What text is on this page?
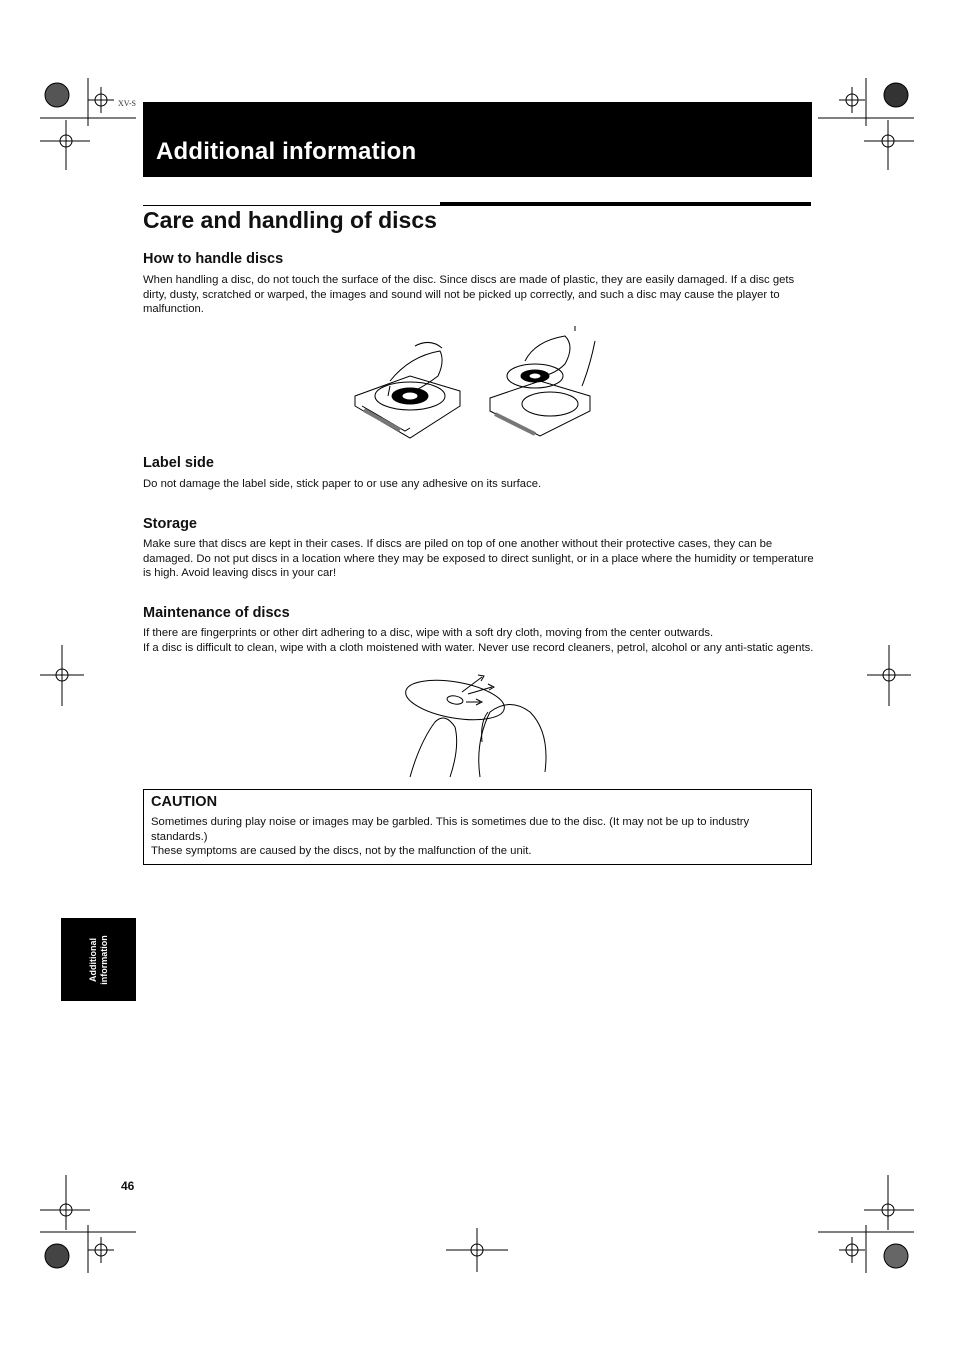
XV-S
Additional information
Care and handling of discs
How to handle discs

When handling a disc, do not touch the surface of the disc. Since discs are made of plastic, they are easily damaged. If a disc gets dirty, dusty, scratched or warped, the images and sound will not be picked up correctly, and such a disc may cause the player to malfunction.

Label side

Do not damage the label side, stick paper to or use any adhesive on its surface.

Storage

Make sure that discs are kept in their cases. If discs are piled on top of one another without their protective cases, they can be damaged. Do not put discs in a location where they may be exposed to direct sunlight, or in a place where the humidity or temperature is high. Avoid leaving discs in your car!

Maintenance of discs

If there are fingerprints or other dirt adhering to a disc, wipe with a soft dry cloth, moving from the center outwards.

If a disc is difficult to clean, wipe with a cloth moistened with water. Never use record cleaners, petrol, alcohol or any anti-static agents.

CAUTION
Sometimes during play noise or images may be garbled. This is sometimes due to the disc. (It may not be up to industry standards.)
These symptoms are caused by the discs, not by the malfunction of the unit.
Additional information
46
